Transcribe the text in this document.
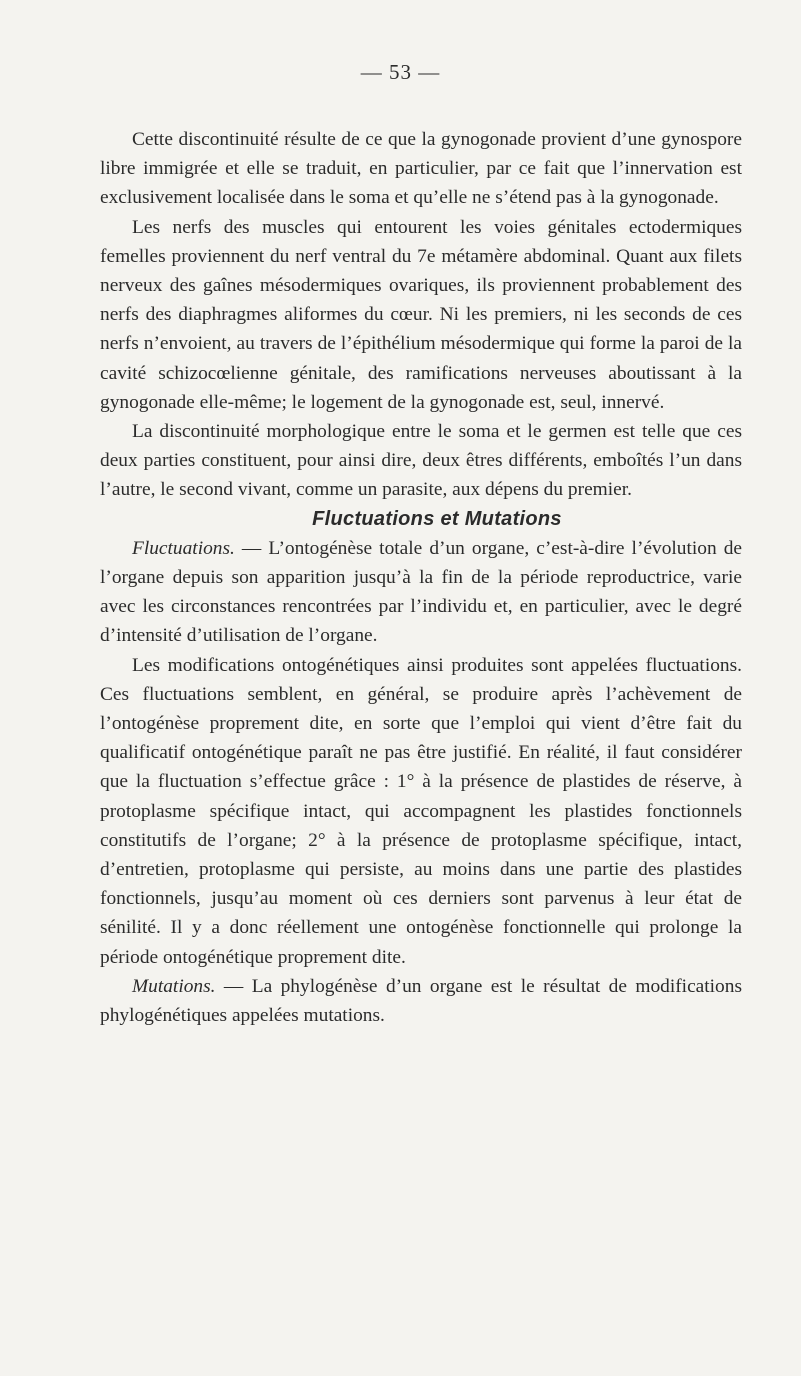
— 53 —

Cette discontinuité résulte de ce que la gynogonade provient d’une gynospore libre immigrée et elle se traduit, en particulier, par ce fait que l’innervation est exclusivement localisée dans le soma et qu’elle ne s’étend pas à la gynogonade.

Les nerfs des muscles qui entourent les voies génitales ectodermiques femelles proviennent du nerf ventral du 7e métamère abdominal. Quant aux filets nerveux des gaînes mésodermiques ovariques, ils proviennent probablement des nerfs des diaphragmes aliformes du cœur. Ni les premiers, ni les seconds de ces nerfs n’envoient, au travers de l’épithélium mésodermique qui forme la paroi de la cavité schizocœlienne génitale, des ramifications nerveuses aboutissant à la gynogonade elle-même; le logement de la gynogonade est, seul, innervé.

La discontinuité morphologique entre le soma et le germen est telle que ces deux parties constituent, pour ainsi dire, deux êtres différents, emboîtés l’un dans l’autre, le second vivant, comme un parasite, aux dépens du premier.

Fluctuations et Mutations

Fluctuations. — L’ontogénèse totale d’un organe, c’est-à-dire l’évolution de l’organe depuis son apparition jusqu’à la fin de la période reproductrice, varie avec les circonstances rencontrées par l’individu et, en particulier, avec le degré d’intensité d’utilisation de l’organe.

Les modifications ontogénétiques ainsi produites sont appelées fluctuations. Ces fluctuations semblent, en général, se produire après l’achèvement de l’ontogénèse proprement dite, en sorte que l’emploi qui vient d’être fait du qualificatif ontogénétique paraît ne pas être justifié. En réalité, il faut considérer que la fluctuation s’effectue grâce : 1° à la présence de plastides de réserve, à protoplasme spécifique intact, qui accompagnent les plastides fonctionnels constitutifs de l’organe; 2° à la présence de protoplasme spécifique, intact, d’entretien, protoplasme qui persiste, au moins dans une partie des plastides fonctionnels, jusqu’au moment où ces derniers sont parvenus à leur état de sénilité. Il y a donc réellement une ontogénèse fonctionnelle qui prolonge la période ontogénétique proprement dite.

Mutations. — La phylogénèse d’un organe est le résultat de modifications phylogénétiques appelées mutations.
